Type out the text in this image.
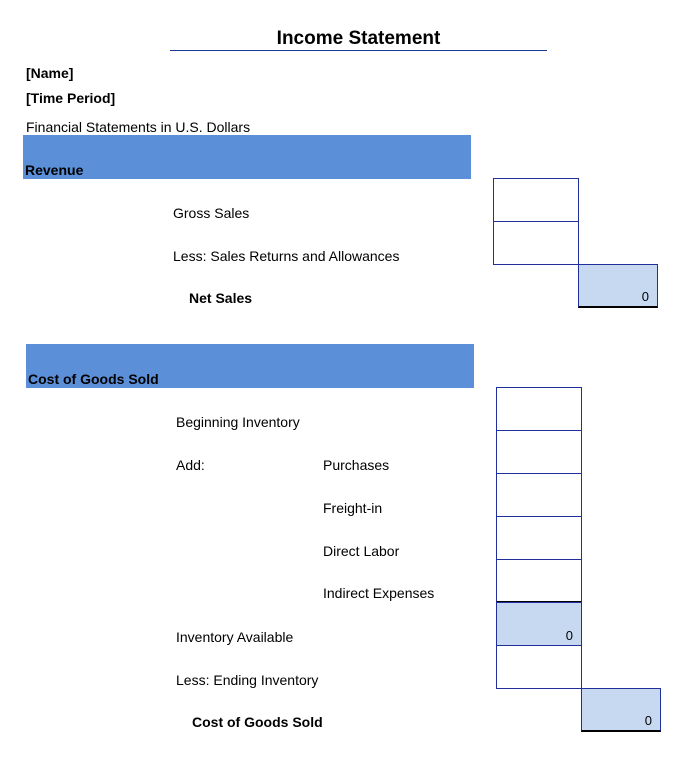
Income Statement
[Name]
[Time Period]
Financial Statements in U.S. Dollars
Revenue
Gross Sales
Less: Sales Returns and Allowances
Net Sales	0
Cost of Goods Sold
Beginning Inventory
Add:	Purchases
Freight-in
Direct Labor
Indirect Expenses
Inventory Available	0
Less: Ending Inventory
Cost of Goods Sold	0
